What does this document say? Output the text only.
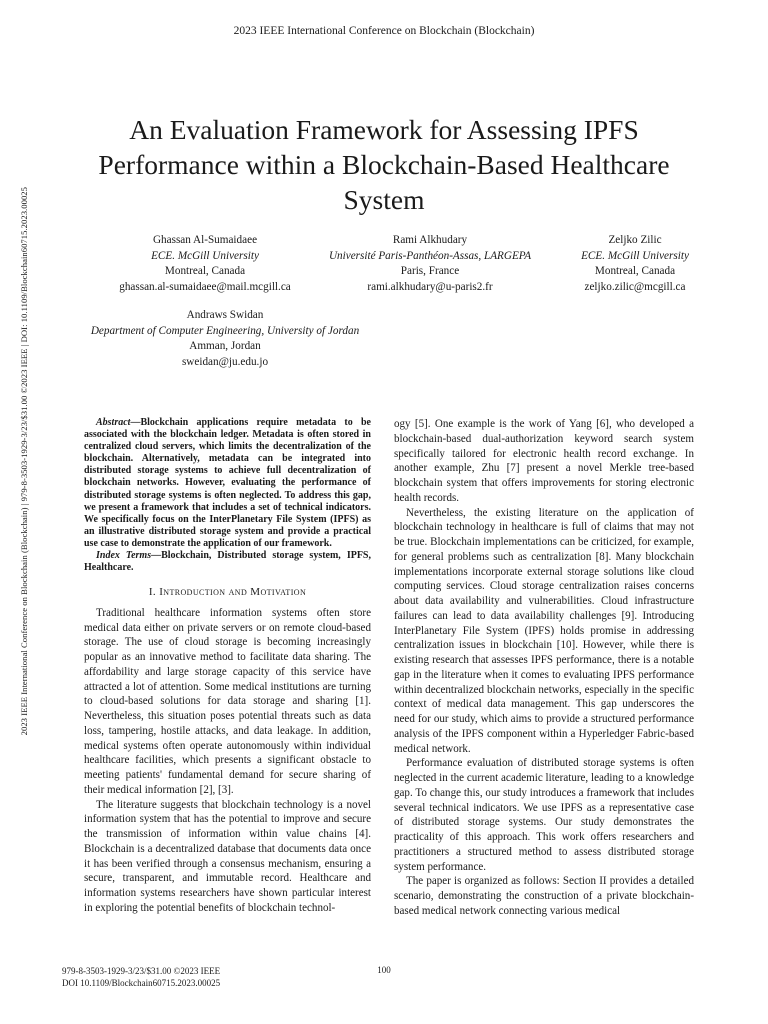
2023 IEEE International Conference on Blockchain (Blockchain)
2023 IEEE International Conference on Blockchain (Blockchain) | 979-8-3503-1929-3/23/$31.00 ©2023 IEEE | DOI: 10.1109/Blockchain60715.2023.00025
An Evaluation Framework for Assessing IPFS Performance within a Blockchain-Based Healthcare System
Ghassan Al-Sumaidaee
ECE. McGill University
Montreal, Canada
ghassan.al-sumaidaee@mail.mcgill.ca
Rami Alkhudary
Université Paris-Panthéon-Assas, LARGEPA
Paris, France
rami.alkhudary@u-paris2.fr
Zeljko Zilic
ECE. McGill University
Montreal, Canada
zeljko.zilic@mcgill.ca
Andraws Swidan
Department of Computer Engineering, University of Jordan
Amman, Jordan
sweidan@ju.edu.jo

Abstract—Blockchain applications require metadata to be associated with the blockchain ledger. Metadata is often stored in centralized cloud servers, which limits the decentralization of the blockchain. Alternatively, metadata can be integrated into distributed storage systems to achieve full decentralization of blockchain networks. However, evaluating the performance of distributed storage systems is often neglected. To address this gap, we present a framework that includes a set of technical indicators. We specifically focus on the InterPlanetary File System (IPFS) as an illustrative distributed storage system and provide a practical use case to demonstrate the application of our framework.

Index Terms—Blockchain, Distributed storage system, IPFS, Healthcare.

I. Introduction and Motivation

Traditional healthcare information systems often store medical data either on private servers or on remote cloud-based storage. The use of cloud storage is becoming increasingly popular as an innovative method to facilitate data sharing. The affordability and large storage capacity of this service have attracted a lot of attention. Some medical institutions are turning to cloud-based solutions for data storage and sharing [1]. Nevertheless, this situation poses potential threats such as data loss, tampering, hostile attacks, and data leakage. In addition, medical systems often operate autonomously within individual healthcare facilities, which presents a significant obstacle to meeting patients' fundamental demand for secure sharing of their medical information [2], [3].

The literature suggests that blockchain technology is a novel information system that has the potential to improve and secure the transmission of information within value chains [4]. Blockchain is a decentralized database that documents data once it has been verified through a consensus mechanism, ensuring a secure, transparent, and immutable record. Healthcare and information systems researchers have shown particular interest in exploring the potential benefits of blockchain technol-

ogy [5]. One example is the work of Yang [6], who developed a blockchain-based dual-authorization keyword search system specifically tailored for electronic health record exchange. In another example, Zhu [7] present a novel Merkle tree-based blockchain system that offers improvements for storing electronic health records.

Nevertheless, the existing literature on the application of blockchain technology in healthcare is full of claims that may not be true. Blockchain implementations can be criticized, for example, for general problems such as centralization [8]. Many blockchain implementations incorporate external storage solutions like cloud computing services. Cloud storage centralization raises concerns about data availability and vulnerabilities. Cloud infrastructure failures can lead to data availability challenges [9]. Introducing InterPlanetary File System (IPFS) holds promise in addressing centralization issues in blockchain [10]. However, while there is existing research that assesses IPFS performance, there is a notable gap in the literature when it comes to evaluating IPFS performance within decentralized blockchain networks, especially in the specific context of medical data management. This gap underscores the need for our study, which aims to provide a structured performance analysis of the IPFS component within a Hyperledger Fabric-based medical network.

Performance evaluation of distributed storage systems is often neglected in the current academic literature, leading to a knowledge gap. To change this, our study introduces a framework that includes several technical indicators. We use IPFS as a representative case of distributed storage systems. Our study demonstrates the practicality of this approach. This work offers researchers and practitioners a structured method to assess distributed storage system performance.

The paper is organized as follows: Section II provides a detailed scenario, demonstrating the construction of a private blockchain-based medical network connecting various medical

979-8-3503-1929-3/23/$31.00 ©2023 IEEE
DOI 10.1109/Blockchain60715.2023.00025
100
